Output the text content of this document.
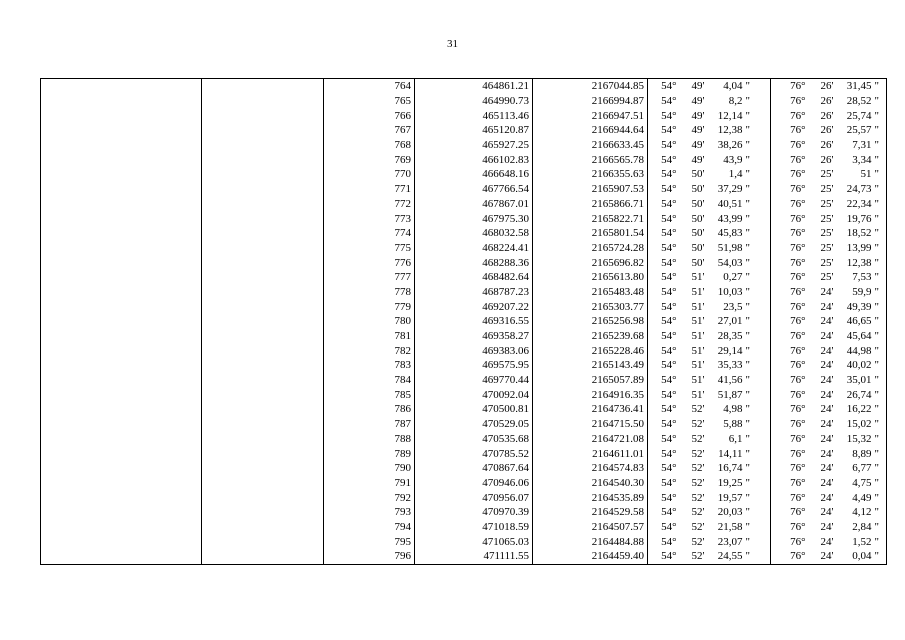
31
		764	464861.21	2167044.85	54°	49'	4,04	"	76°	26'	31,45	"
		765	464990.73	2166994.87	54°	49'	8,2	"	76°	26'	28,52	"
		766	465113.46	2166947.51	54°	49'	12,14	"	76°	26'	25,74	"
		767	465120.87	2166944.64	54°	49'	12,38	"	76°	26'	25,57	"
		768	465927.25	2166633.45	54°	49'	38,26	"	76°	26'	7,31	"
		769	466102.83	2166565.78	54°	49'	43,9	"	76°	26'	3,34	"
		770	466648.16	2166355.63	54°	50'	1,4	"	76°	25'	51	"
		771	467766.54	2165907.53	54°	50'	37,29	"	76°	25'	24,73	"
		772	467867.01	2165866.71	54°	50'	40,51	"	76°	25'	22,34	"
		773	467975.30	2165822.71	54°	50'	43,99	"	76°	25'	19,76	"
		774	468032.58	2165801.54	54°	50'	45,83	"	76°	25'	18,52	"
		775	468224.41	2165724.28	54°	50'	51,98	"	76°	25'	13,99	"
		776	468288.36	2165696.82	54°	50'	54,03	"	76°	25'	12,38	"
		777	468482.64	2165613.80	54°	51'	0,27	"	76°	25'	7,53	"
		778	468787.23	2165483.48	54°	51'	10,03	"	76°	24'	59,9	"
		779	469207.22	2165303.77	54°	51'	23,5	"	76°	24'	49,39	"
		780	469316.55	2165256.98	54°	51'	27,01	"	76°	24'	46,65	"
		781	469358.27	2165239.68	54°	51'	28,35	"	76°	24'	45,64	"
		782	469383.06	2165228.46	54°	51'	29,14	"	76°	24'	44,98	"
		783	469575.95	2165143.49	54°	51'	35,33	"	76°	24'	40,02	"
		784	469770.44	2165057.89	54°	51'	41,56	"	76°	24'	35,01	"
		785	470092.04	2164916.35	54°	51'	51,87	"	76°	24'	26,74	"
		786	470500.81	2164736.41	54°	52'	4,98	"	76°	24'	16,22	"
		787	470529.05	2164715.50	54°	52'	5,88	"	76°	24'	15,02	"
		788	470535.68	2164721.08	54°	52'	6,1	"	76°	24'	15,32	"
		789	470785.52	2164611.01	54°	52'	14,11	"	76°	24'	8,89	"
		790	470867.64	2164574.83	54°	52'	16,74	"	76°	24'	6,77	"
		791	470946.06	2164540.30	54°	52'	19,25	"	76°	24'	4,75	"
		792	470956.07	2164535.89	54°	52'	19,57	"	76°	24'	4,49	"
		793	470970.39	2164529.58	54°	52'	20,03	"	76°	24'	4,12	"
		794	471018.59	2164507.57	54°	52'	21,58	"	76°	24'	2,84	"
		795	471065.03	2164484.88	54°	52'	23,07	"	76°	24'	1,52	"
		796	471111.55	2164459.40	54°	52'	24,55	"	76°	24'	0,04	"
